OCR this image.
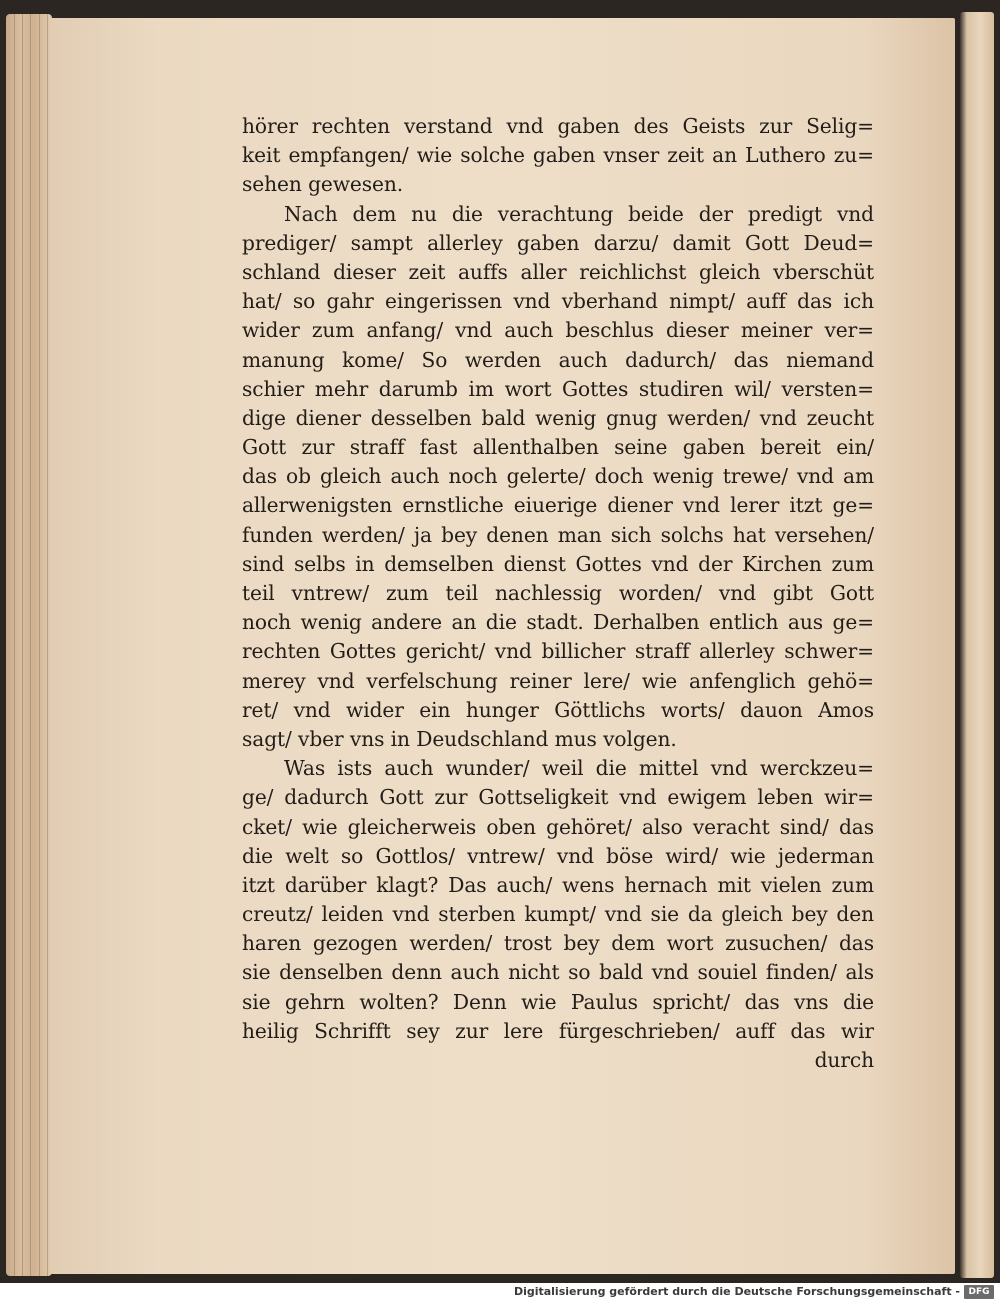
hörer rechten verstand vnd gaben des Geists zur Selig=
keit empfangen/ wie solche gaben vnser zeit an Luthero zu=
sehen gewesen.
Nach dem nu die verachtung beide der predigt vnd
prediger/ sampt allerley gaben darzu/ damit Gott Deud=
schland dieser zeit auffs aller reichlichst gleich vberschüt
hat/ so gahr eingerissen vnd vberhand nimpt/ auff das ich
wider zum anfang/ vnd auch beschlus dieser meiner ver=
manung kome/ So werden auch dadurch/ das niemand
schier mehr darumb im wort Gottes studiren wil/ versten=
dige diener desselben bald wenig gnug werden/ vnd zeucht
Gott zur straff fast allenthalben seine gaben bereit ein/
das ob gleich auch noch gelerte/ doch wenig trewe/ vnd am
allerwenigsten ernstliche eiuerige diener vnd lerer itzt ge=
funden werden/ ja bey denen man sich solchs hat versehen/
sind selbs in demselben dienst Gottes vnd der Kirchen zum
teil vntrew/ zum teil nachlessig worden/ vnd gibt Gott
noch wenig andere an die stadt. Derhalben entlich aus ge=
rechten Gottes gericht/ vnd billicher straff allerley schwer=
merey vnd verfelschung reiner lere/ wie anfenglich gehö=
ret/ vnd wider ein hunger Göttlichs worts/ dauon Amos
sagt/ vber vns in Deudschland mus volgen.
Was ists auch wunder/ weil die mittel vnd werckzeu=
ge/ dadurch Gott zur Gottseligkeit vnd ewigem leben wir=
cket/ wie gleicherweis oben gehöret/ also veracht sind/ das
die welt so Gottlos/ vntrew/ vnd böse wird/ wie jederman
itzt darüber klagt? Das auch/ wens hernach mit vielen zum
creutz/ leiden vnd sterben kumpt/ vnd sie da gleich bey den
haren gezogen werden/ trost bey dem wort zusuchen/ das
sie denselben denn auch nicht so bald vnd souiel finden/ als
sie gehrn wolten? Denn wie Paulus spricht/ das vns die
heilig Schrifft sey zur lere fürgeschrieben/ auff das wir
durch
Digitalisierung gefördert durch die Deutsche Forschungsgemeinschaft - DFG
